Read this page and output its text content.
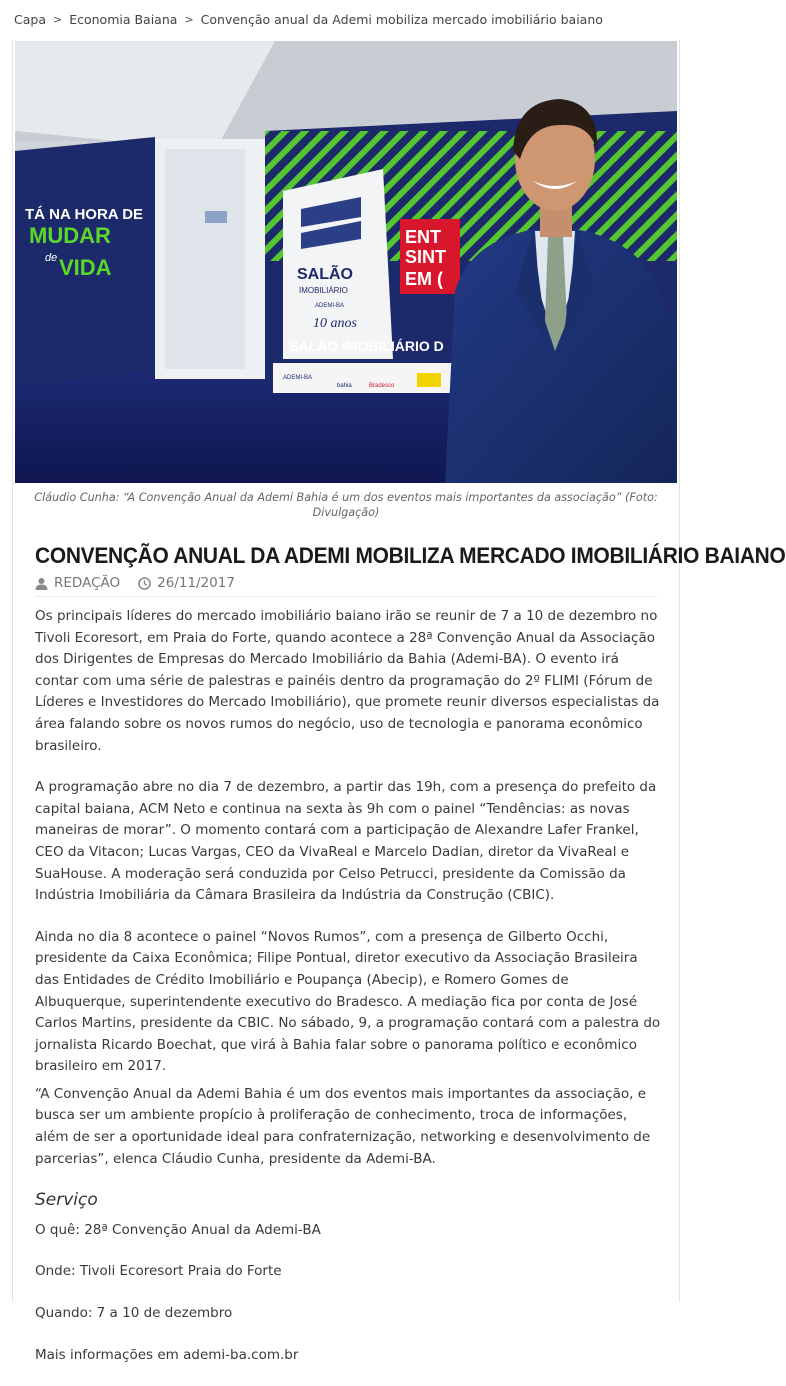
Capa > Economia Baiana > Convenção anual da Ademi mobiliza mercado imobiliário baiano
TÁ NA HORA DE
MUDAR
de VIDA	SALÃO
IMOBILIÁRIO
ADEMI-BA
10 anos
ENT
SINT
EM (
SALÃO IMOBILIÁRIO D
ADEMI-BA
bahia	Bradesco
Cláudio Cunha: “A Convenção Anual da Ademi Bahia é um dos eventos mais importantes da associação” (Foto: Divulgação)
CONVENÇÃO ANUAL DA ADEMI MOBILIZA MERCADO IMOBILIÁRIO BAIANO
REDAÇÃO	26/11/2017

Os principais líderes do mercado imobiliário baiano irão se reunir de 7 a 10 de dezembro no Tivoli Ecoresort, em Praia do Forte, quando acontece a 28ª Convenção Anual da Associação dos Dirigentes de Empresas do Mercado Imobiliário da Bahia (Ademi-BA). O evento irá contar com uma série de palestras e painéis dentro da programação do 2º FLIMI (Fórum de Líderes e Investidores do Mercado Imobiliário), que promete reunir diversos especialistas da área falando sobre os novos rumos do negócio, uso de tecnologia e panorama econômico brasileiro.

A programação abre no dia 7 de dezembro, a partir das 19h, com a presença do prefeito da capital baiana, ACM Neto e continua na sexta às 9h com o painel “Tendências: as novas maneiras de morar”. O momento contará com a participação de Alexandre Lafer Frankel, CEO da Vitacon; Lucas Vargas, CEO da VivaReal e Marcelo Dadian, diretor da VivaReal e SuaHouse. A moderação será conduzida por Celso Petrucci, presidente da Comissão da Indústria Imobiliária da Câmara Brasileira da Indústria da Construção (CBIC).

Ainda no dia 8 acontece o painel “Novos Rumos”, com a presença de Gilberto Occhi, presidente da Caixa Econômica; Filipe Pontual, diretor executivo da Associação Brasileira das Entidades de Crédito Imobiliário e Poupança (Abecip), e Romero Gomes de Albuquerque, superintendente executivo do Bradesco. A mediação fica por conta de José Carlos Martins, presidente da CBIC. No sábado, 9, a programação contará com a palestra do jornalista Ricardo Boechat, que virá à Bahia falar sobre o panorama político e econômico brasileiro em 2017.

“A Convenção Anual da Ademi Bahia é um dos eventos mais importantes da associação, e busca ser um ambiente propício à proliferação de conhecimento, troca de informações, além de ser a oportunidade ideal para confraternização, networking e desenvolvimento de parcerias”, elenca Cláudio Cunha, presidente da Ademi-BA.

Serviço

O quê: 28ª Convenção Anual da Ademi-BA

Onde: Tivoli Ecoresort Praia do Forte

Quando: 7 a 10 de dezembro

Mais informações em ademi-ba.com.br
